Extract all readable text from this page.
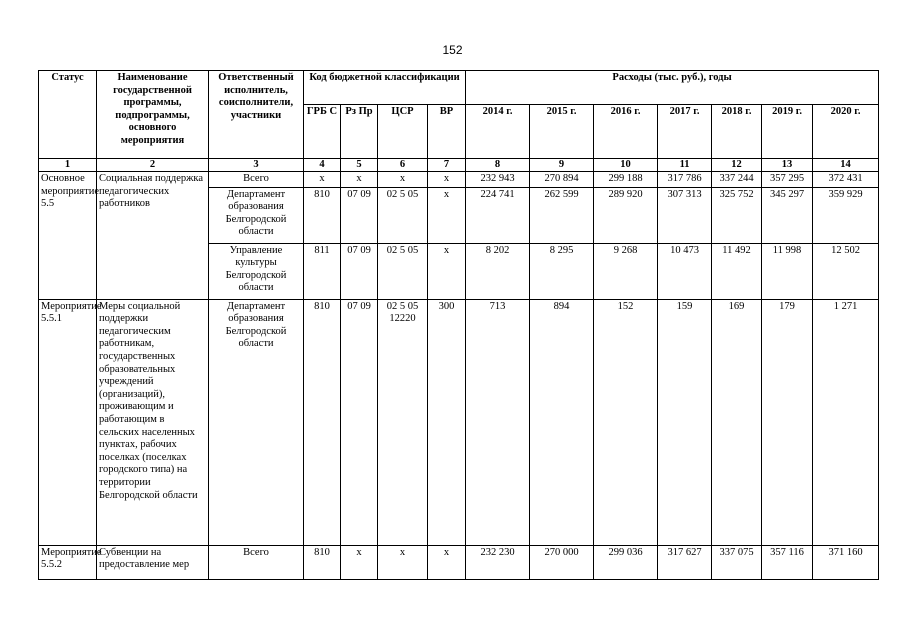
152
Статус	Наименование государственной программы, подпрограммы, основного мероприятия	Ответственный исполнитель, соисполнители, участники	Код бюджетной классификации				Расходы (тыс. руб.), годы						
			ГРБ С	Рз Пр	ЦСР	ВР	2014 г.	2015 г.	2016 г.	2017 г.	2018 г.	2019 г.	2020 г.
1	2	3	4	5	6	7	8	9	10	11	12	13	14
Основное мероприятие 5.5	Социальная поддержка педагогических работников	Всего	х	х	х	х	232 943	270 894	299 188	317 786	337 244	357 295	372 431
		Департамент образования Белгородской области	810	07 09	02 5 05	х	224 741	262 599	289 920	307 313	325 752	345 297	359 929
		Управление культуры Белгородской области	811	07 09	02 5 05	х	8 202	8 295	9 268	10 473	11 492	11 998	12 502
Мероприятие 5.5.1	Меры социальной поддержки педагогическим работникам, государственных образовательных учреждений (организаций), проживающим и работающим в сельских населенных пунктах, рабочих поселках (поселках городского типа) на территории Белгородской области	Департамент образования Белгородской области	810	07 09	02 5 05 12220	300	713	894	152	159	169	179	1 271
Мероприятие 5.5.2	Субвенции на предоставление мер	Всего	810	х	х	х	232 230	270 000	299 036	317 627	337 075	357 116	371 160
